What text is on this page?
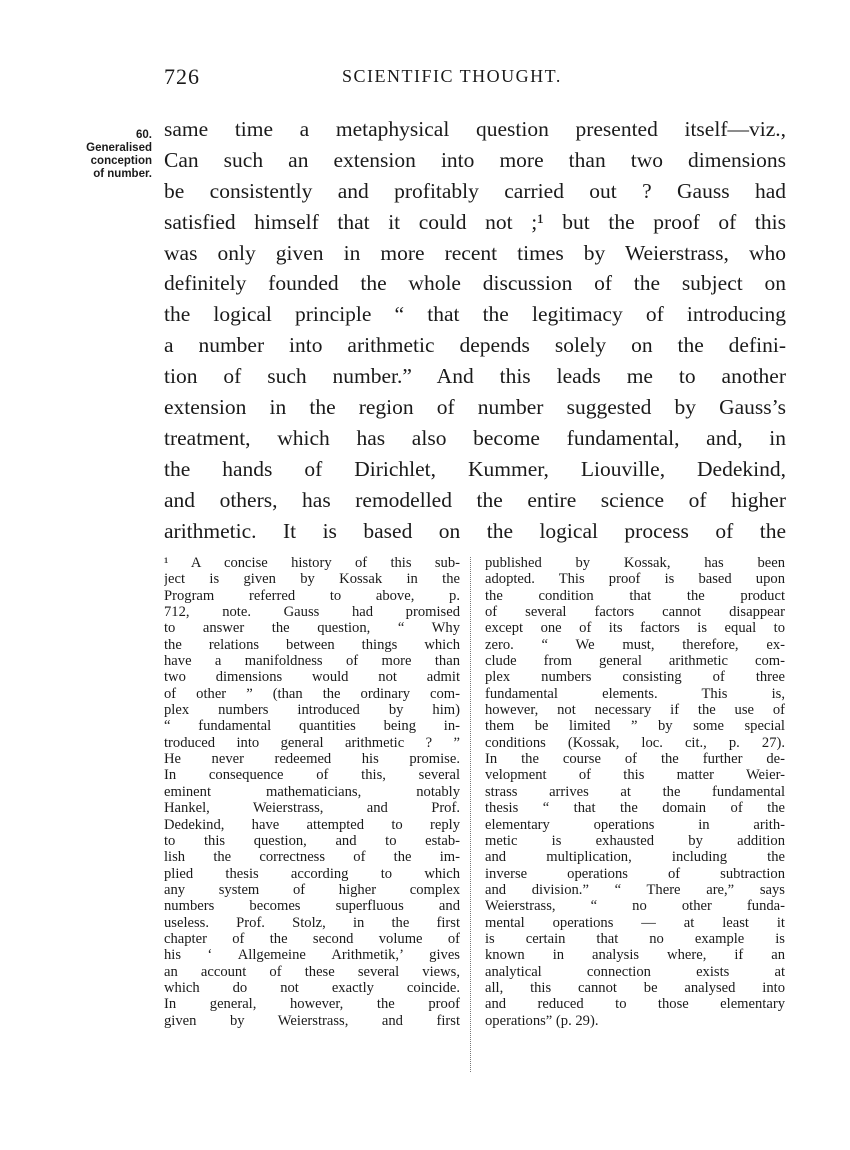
726	SCIENTIFIC THOUGHT.
60.
Generalised
conception
of number.
same time a metaphysical question presented itself—viz.,
Can such an extension into more than two dimensions
be consistently and profitably carried out ? Gauss had
satisfied himself that it could not ;¹ but the proof of this
was only given in more recent times by Weierstrass, who
definitely founded the whole discussion of the subject on
the logical principle “ that the legitimacy of introducing
a number into arithmetic depends solely on the defini-
tion of such number.” And this leads me to another
extension in the region of number suggested by Gauss’s
treatment, which has also become fundamental, and, in
the hands of Dirichlet, Kummer, Liouville, Dedekind,
and others, has remodelled the entire science of higher
arithmetic. It is based on the logical process of the
¹ A concise history of this sub-
ject is given by Kossak in the
Program referred to above, p.
712, note. Gauss had promised
to answer the question, “ Why
the relations between things which
have a manifoldness of more than
two dimensions would not admit
of other ” (than the ordinary com-
plex numbers introduced by him)
“ fundamental quantities being in-
troduced into general arithmetic ? ”
He never redeemed his promise.
In consequence of this, several
eminent mathematicians, notably
Hankel, Weierstrass, and Prof.
Dedekind, have attempted to reply
to this question, and to estab-
lish the correctness of the im-
plied thesis according to which
any system of higher complex
numbers becomes superfluous and
useless. Prof. Stolz, in the first
chapter of the second volume of
his ‘ Allgemeine Arithmetik,’ gives
an account of these several views,
which do not exactly coincide.
In general, however, the proof
given by Weierstrass, and first
published by Kossak, has been
adopted. This proof is based upon
the condition that the product
of several factors cannot disappear
except one of its factors is equal to
zero. “ We must, therefore, ex-
clude from general arithmetic com-
plex numbers consisting of three
fundamental elements. This is,
however, not necessary if the use of
them be limited ” by some special
conditions (Kossak, loc. cit., p. 27).
In the course of the further de-
velopment of this matter Weier-
strass arrives at the fundamental
thesis “ that the domain of the
elementary operations in arith-
metic is exhausted by addition
and multiplication, including the
inverse operations of subtraction
and division.” “ There are,” says
Weierstrass, “ no other funda-
mental operations — at least it
is certain that no example is
known in analysis where, if an
analytical connection exists at
all, this cannot be analysed into
and reduced to those elementary
operations” (p. 29).
